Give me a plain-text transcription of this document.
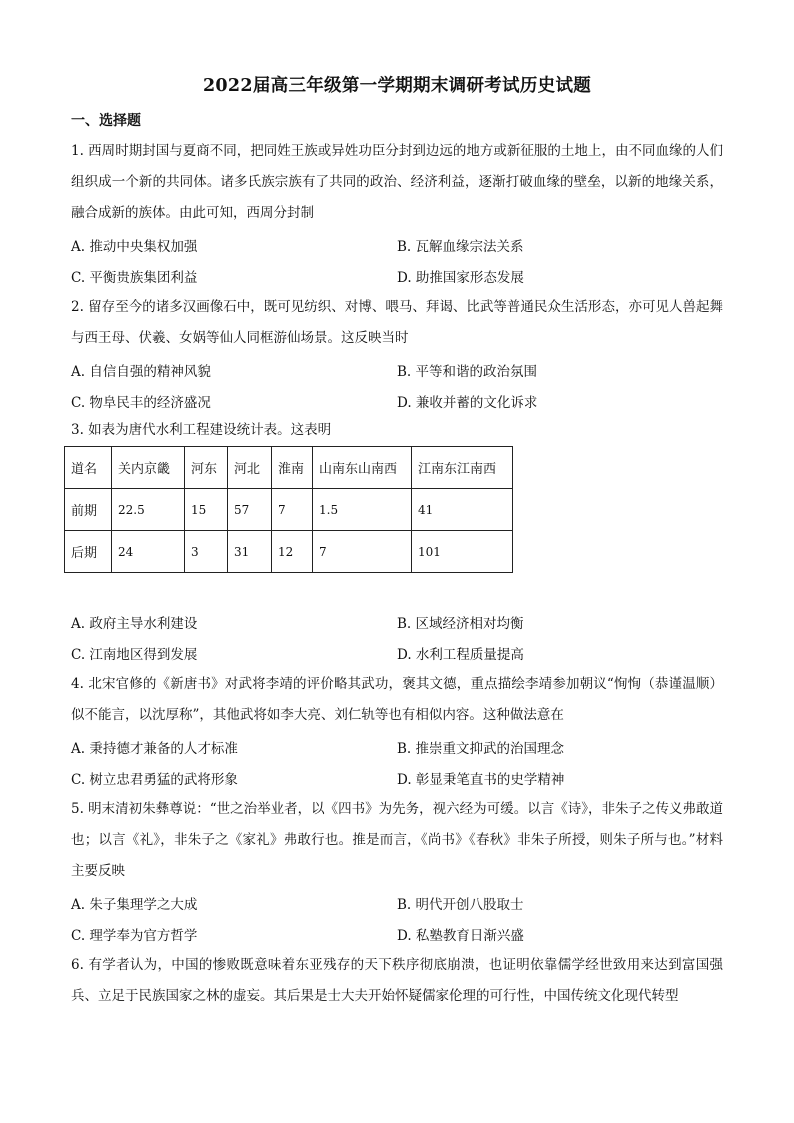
2022届高三年级第一学期期末调研考试历史试题
一、选择题
1. 西周时期封国与夏商不同，把同姓王族或异姓功臣分封到边远的地方或新征服的土地上，由不同血缘的人们组织成一个新的共同体。诸多氏族宗族有了共同的政治、经济利益，逐渐打破血缘的壁垒，以新的地缘关系，融合成新的族体。由此可知，西周分封制
A. 推动中央集权加强	B. 瓦解血缘宗法关系
C. 平衡贵族集团利益	D. 助推国家形态发展
2. 留存至今的诸多汉画像石中，既可见纺织、对博、喂马、拜谒、比武等普通民众生活形态，亦可见人兽起舞与西王母、伏羲、女娲等仙人同框游仙场景。这反映当时
A. 自信自强的精神风貌	B. 平等和谐的政治氛围
C. 物阜民丰的经济盛况	D. 兼收并蓄的文化诉求
3. 如表为唐代水利工程建设统计表。这表明
道名	关内京畿	河东	河北	淮南	山南东山南西	江南东江南西
前期	22.5	15	57	7	1.5	41
后期	24	3	31	12	7	101
A. 政府主导水利建设	B. 区域经济相对均衡
C. 江南地区得到发展	D. 水利工程质量提高
4. 北宋官修的《新唐书》对武将李靖的评价略其武功，褒其文德，重点描绘李靖参加朝议“恂恂（恭谨温顺）似不能言，以沈厚称”，其他武将如李大亮、刘仁轨等也有相似内容。这种做法意在
A. 秉持德才兼备的人才标准	B. 推崇重文抑武的治国理念
C. 树立忠君勇猛的武将形象	D. 彰显秉笔直书的史学精神
5. 明末清初朱彝尊说：“世之治举业者，以《四书》为先务，视六经为可缓。以言《诗》，非朱子之传义弗敢道也；以言《礼》，非朱子之《家礼》弗敢行也。推是而言，《尚书》《春秋》非朱子所授，则朱子所与也。”材料主要反映
A. 朱子集理学之大成	B. 明代开创八股取士
C. 理学奉为官方哲学	D. 私塾教育日渐兴盛
6. 有学者认为，中国的惨败既意味着东亚残存的天下秩序彻底崩溃，也证明依靠儒学经世致用来达到富国强兵、立足于民族国家之林的虚妄。其后果是士大夫开始怀疑儒家伦理的可行性，中国传统文化现代转型
